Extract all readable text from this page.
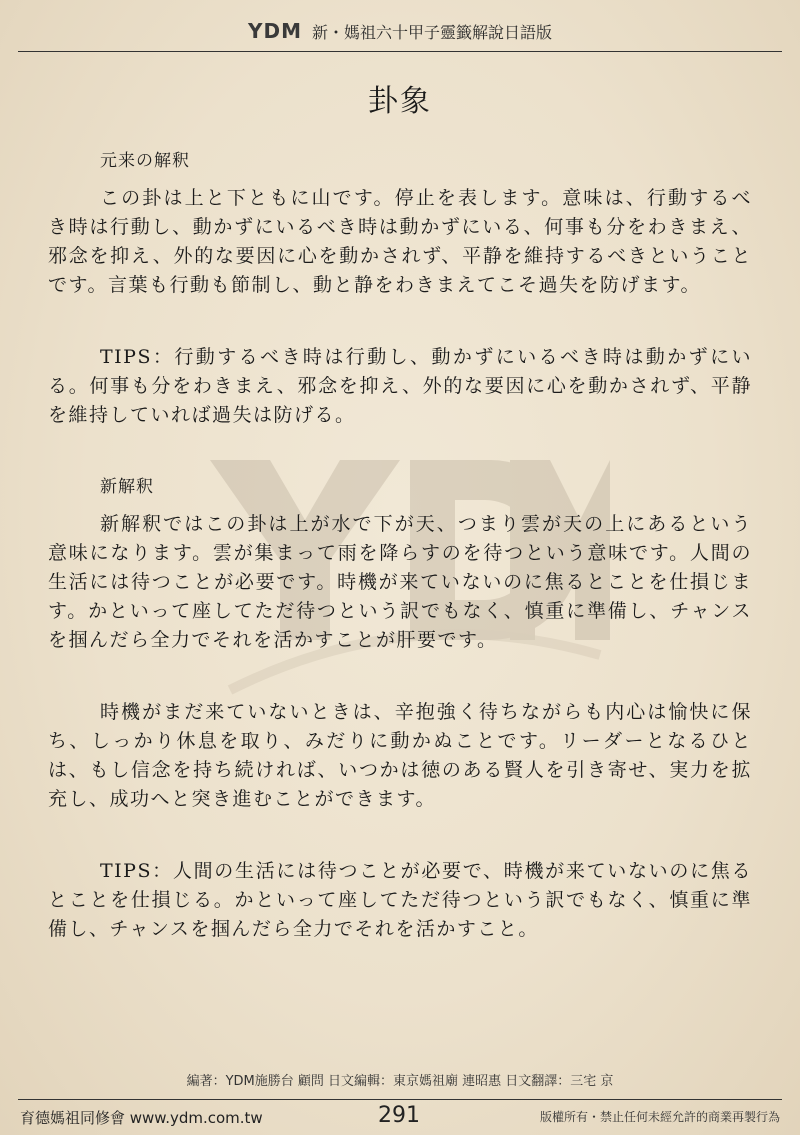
YDM 新・媽祖六十甲子靈籤解說日語版
卦象
元来の解釈

この卦は上と下ともに山です。停止を表します。意味は、行動するべき時は行動し、動かずにいるべき時は動かずにいる、何事も分をわきまえ、邪念を抑え、外的な要因に心を動かされず、平静を維持するべきということです。言葉も行動も節制し、動と静をわきまえてこそ過失を防げます。

TIPS：行動するべき時は行動し、動かずにいるべき時は動かずにいる。何事も分をわきまえ、邪念を抑え、外的な要因に心を動かされず、平静を維持していれば過失は防げる。

新解釈

新解釈ではこの卦は上が水で下が天、つまり雲が天の上にあるという意味になります。雲が集まって雨を降らすのを待つという意味です。人間の生活には待つことが必要です。時機が来ていないのに焦るとことを仕損じます。かといって座してただ待つという訳でもなく、慎重に準備し、チャンスを掴んだら全力でそれを活かすことが肝要です。

時機がまだ来ていないときは、辛抱強く待ちながらも内心は愉快に保ち、しっかり休息を取り、みだりに動かぬことです。リーダーとなるひとは、もし信念を持ち続ければ、いつかは徳のある賢人を引き寄せ、実力を拡充し、成功へと突き進むことができます。

TIPS：人間の生活には待つことが必要で、時機が来ていないのに焦るとことを仕損じる。かといって座してただ待つという訳でもなく、慎重に準備し、チャンスを掴んだら全力でそれを活かすこと。

編著：YDM施勝台 顧問 日文編輯：東京媽祖廟 連昭惠 日文翻譯：三宅 京
育德媽祖同修會 www.ydm.com.tw	291	版權所有・禁止任何未經允許的商業再製行為
